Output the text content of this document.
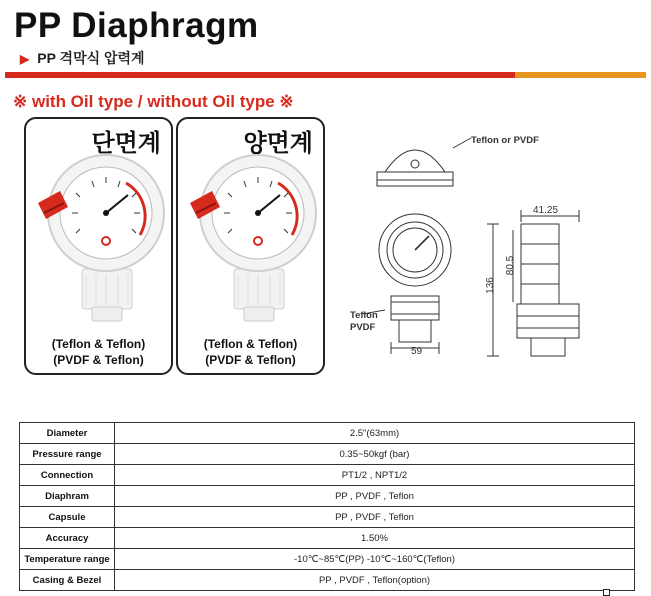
PP Diaphragm
▶ PP 격막식 압력계
※ with Oil type / without Oil type ※
단면계
(Teflon & Teflon)
(PVDF & Teflon)
양면계
(Teflon & Teflon)
(PVDF & Teflon)
Teflon or PVDF
Teflon
PVDF
59
136
41.25
80.5
Diameter	2.5"(63mm)
Pressure range	0.35~50kgf (bar)
Connection	PT1/2 , NPT1/2
Diaphram	PP , PVDF , Teflon
Capsule	PP , PVDF , Teflon
Accuracy	1.50%
Temperature range	-10℃~85℃(PP) -10℃~160℃(Teflon)
Casing & Bezel	PP , PVDF , Teflon(option)
